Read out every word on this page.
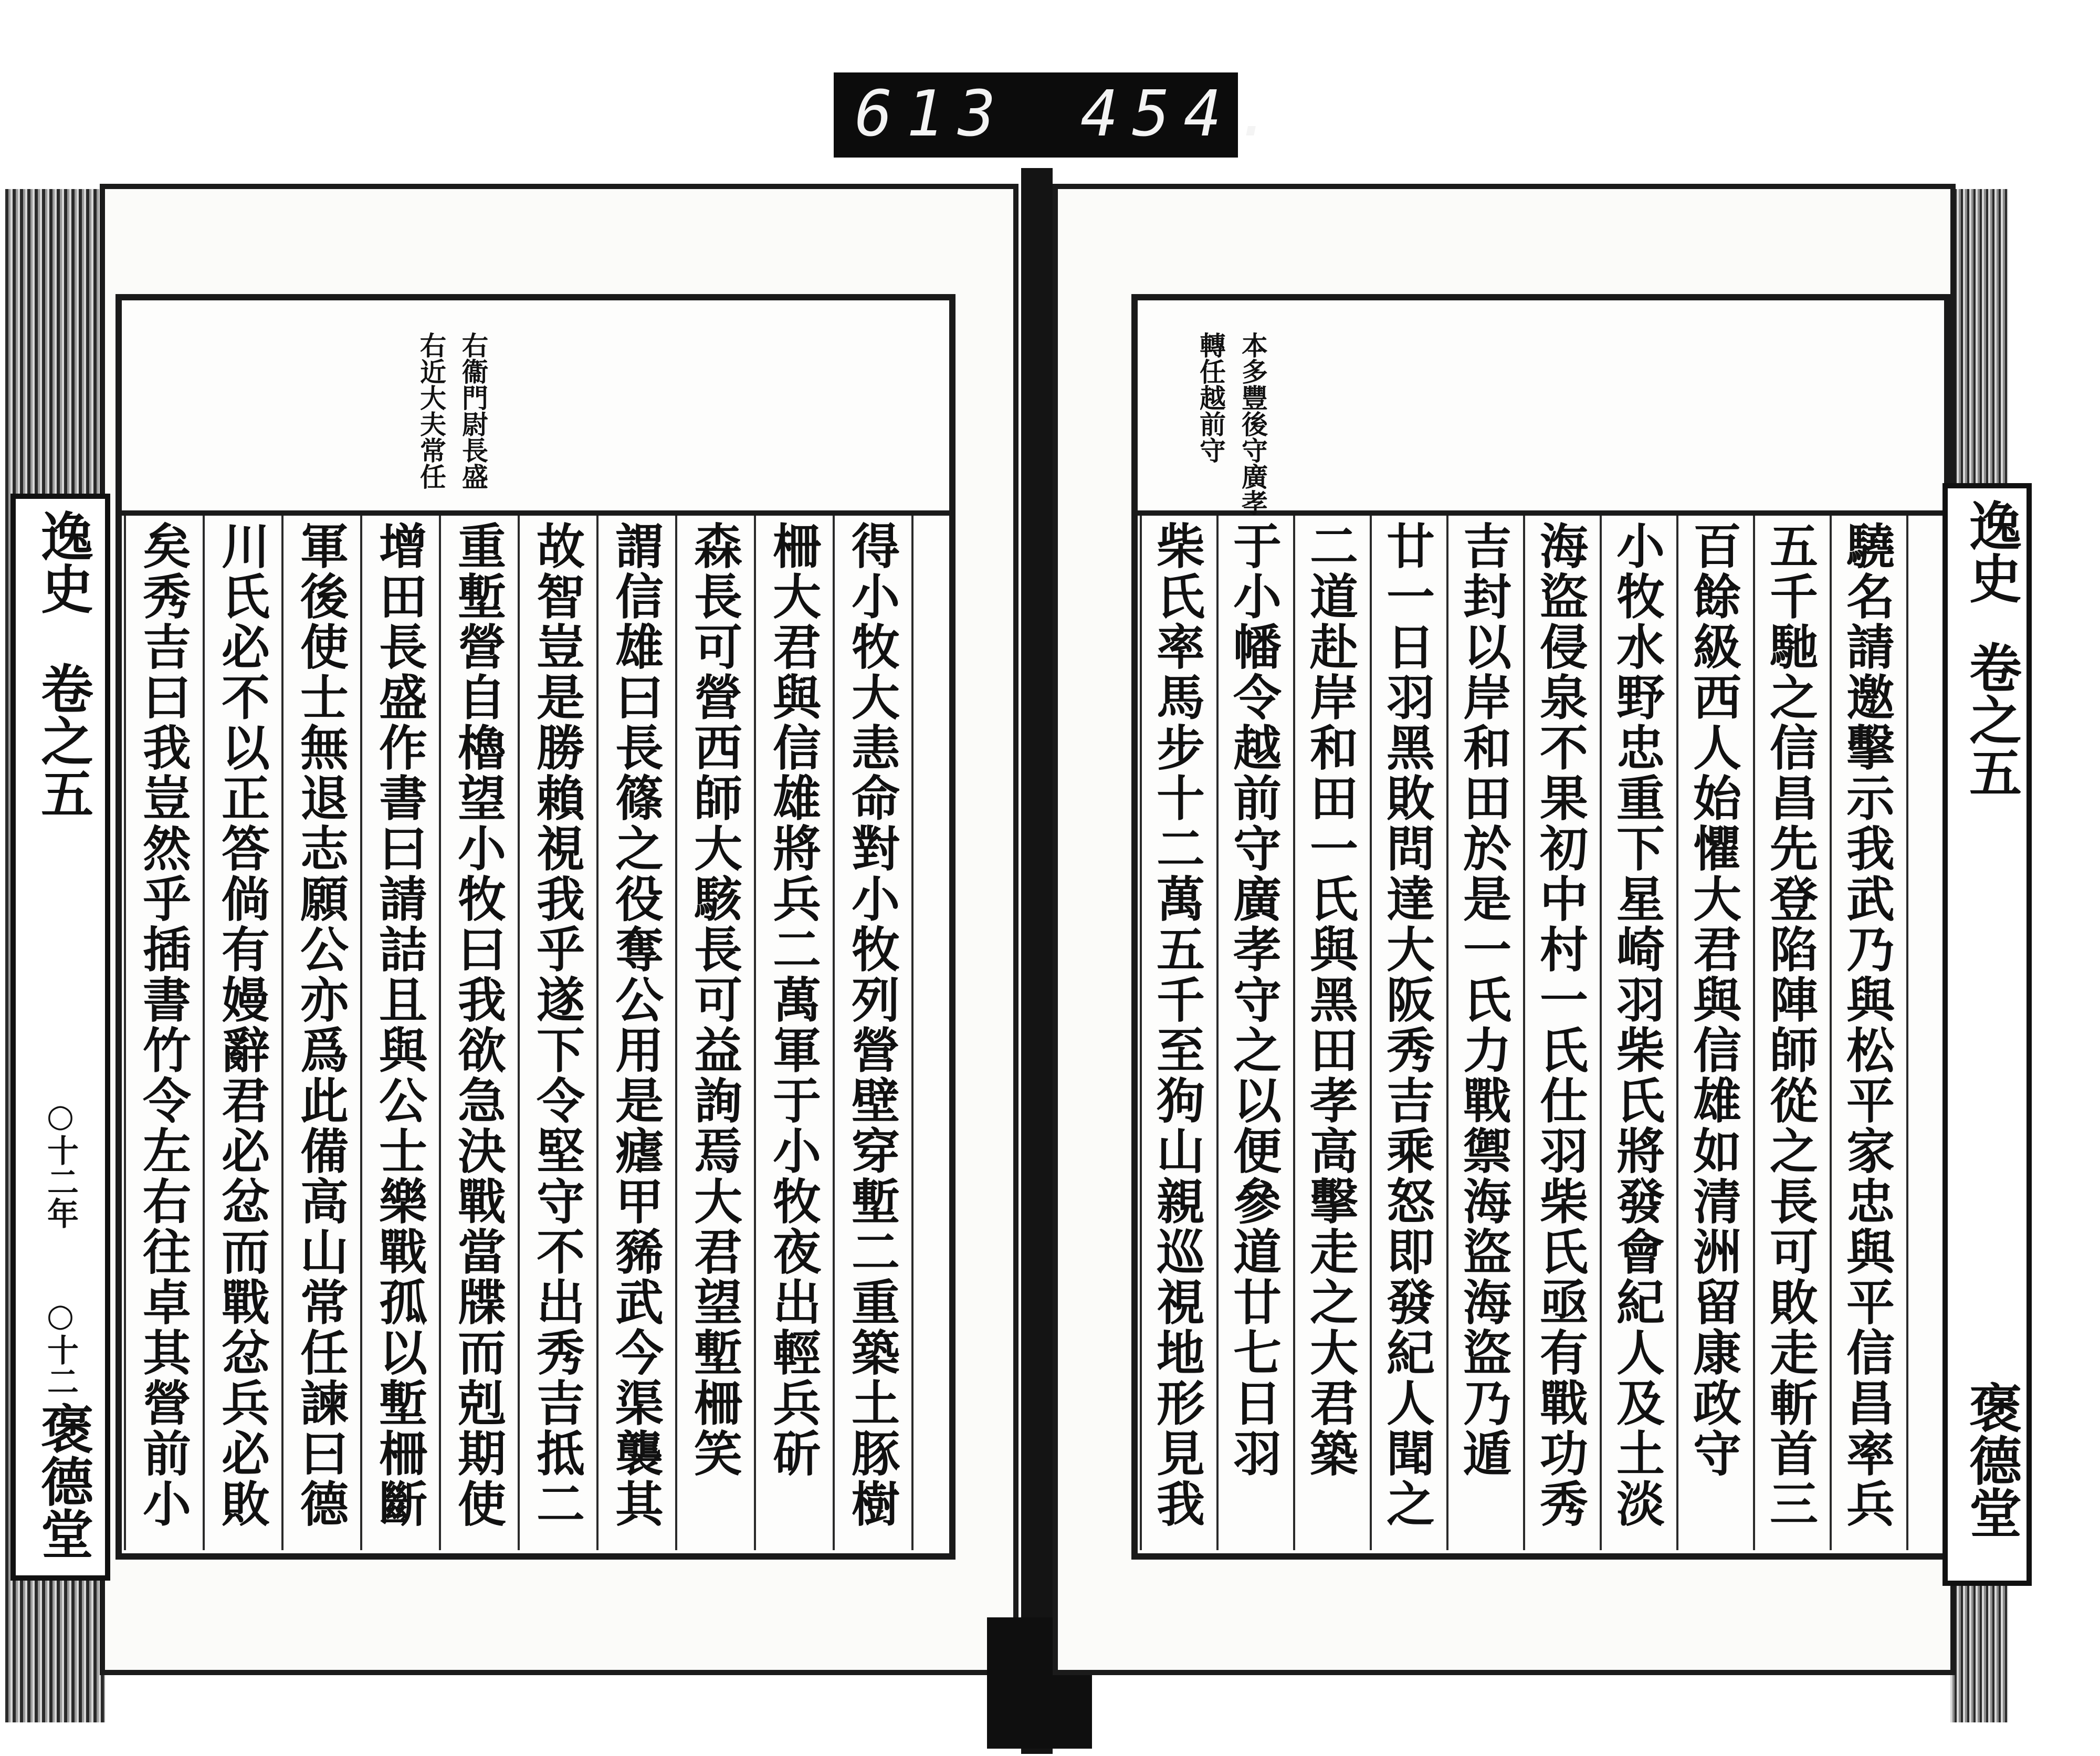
613 454.
右衞門尉長盛
右近大夫常任
得小牧大恚命對小牧列營壁穿塹二重築土豚樹
柵大君與信雄將兵二萬軍于小牧夜出輕兵斫
森長可營西師大駭長可益詢焉大君望塹柵笑
謂信雄曰長篠之役奪公用是瘧甲豨武今渠襲其
故智豈是勝賴視我乎遂下令堅守不出秀吉抵二
重塹營自櫓望小牧曰我欲急決戰當牒而剋期使
增田長盛作書曰請詰且與公士樂戰孤以塹柵斷
軍後使士無退志願公亦爲此備高山常任諫曰德
川氏必不以正答倘有嫚辭君必忿而戰忿兵必敗
矣秀吉曰我豈然乎插書竹令左右往卓其營前小
逸史
卷之五
○十二年
○十二
褒德堂
本多豐後守廣孝
轉任越前守
驍名請邀擊示我武乃與松平家忠與平信昌率兵
五千馳之信昌先登陷陣師從之長可敗走斬首三
百餘級西人始懼大君與信雄如清洲留康政守
小牧水野忠重下星崎羽柴氏將發會紀人及土淡
海盜侵泉不果初中村一氏仕羽柴氏亟有戰功秀
吉封以岸和田於是一氏力戰禦海盜海盜乃遁
廿一日羽黑敗問達大阪秀吉乘怒即發紀人聞之
二道赴岸和田一氏與黑田孝高擊走之大君築
于小幡令越前守廣孝守之以便參道廿七日羽
柴氏率馬步十二萬五千至狗山親巡視地形見我	逸史
卷之五
褒德堂
